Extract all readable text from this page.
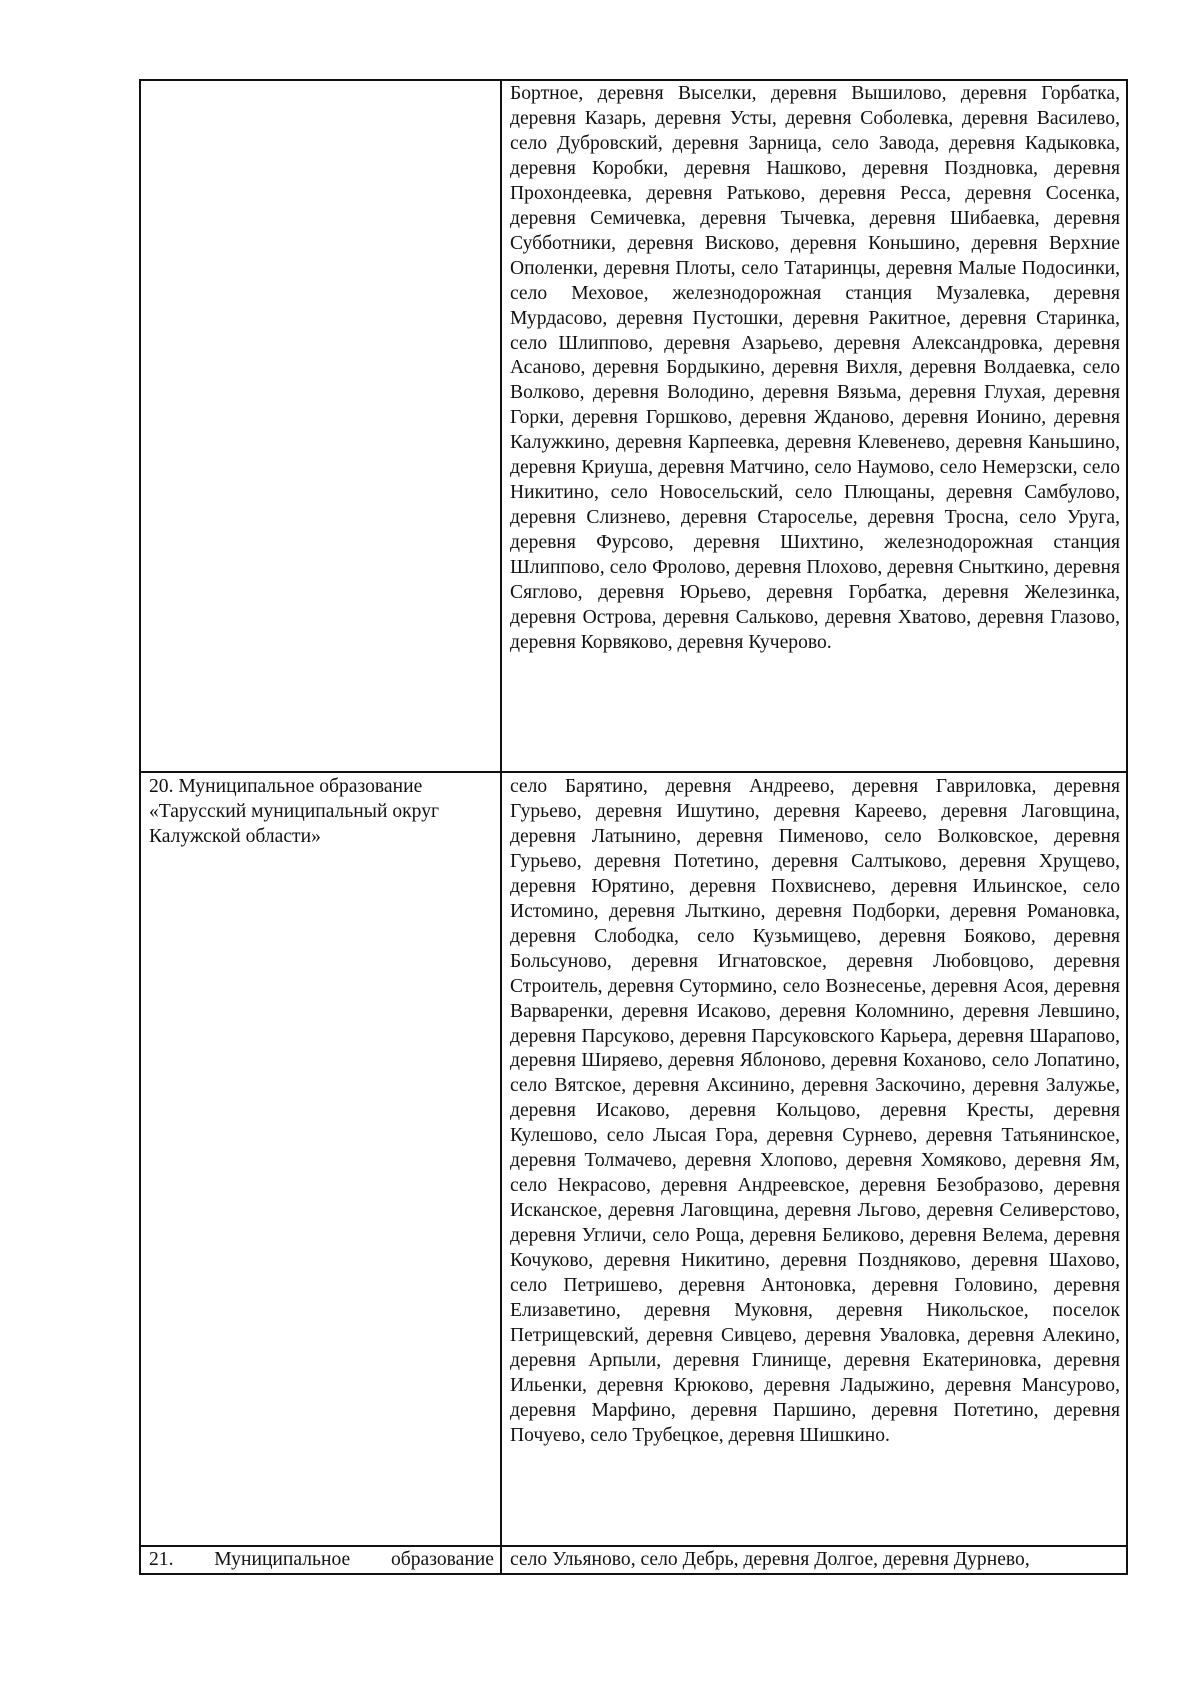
	Бортное, деревня Выселки, деревня Вышилово, деревня Горбатка, деревня Казарь, деревня Усты, деревня Соболевка, деревня Василево, село Дубровский, деревня Зарница, село Завода, деревня Кадыковка, деревня Коробки, деревня Нашково, деревня Поздновка, деревня Прохондеевка, деревня Ратьково, деревня Ресса, деревня Сосенка, деревня Семичевка, деревня Тычевка, деревня Шибаевка, деревня Субботники, деревня Висково, деревня Коньшино, деревня Верхние Ополенки, деревня Плоты, село Татаринцы, деревня Малые Подосинки, село Меховое, железнодорожная станция Музалевка, деревня Мурдасово, деревня Пустошки, деревня Ракитное, деревня Старинка, село Шлиппово, деревня Азарьево, деревня Александровка, деревня Асаново, деревня Бордыкино, деревня Вихля, деревня Волдаевка, село Волково, деревня Володино, деревня Вязьма, деревня Глухая, деревня Горки, деревня Горшково, деревня Жданово, деревня Ионино, деревня Калужкино, деревня Карпеевка, деревня Клевенево, деревня Каньшино, деревня Криуша, деревня Матчино, село Наумово, село Немерзски, село Никитино, село Новосельский, село Плющаны, деревня Самбулово, деревня Слизнево, деревня Староселье, деревня Тросна, село Уруга, деревня Фурсово, деревня Шихтино, железнодорожная станция Шлиппово, село Фролово, деревня Плохово, деревня Сныткино, деревня Сяглово, деревня Юрьево, деревня Горбатка, деревня Железинка, деревня Острова, деревня Сальково, деревня Хватово, деревня Глазово, деревня Корвяково, деревня Кучерово.

20. Муниципальное образование «Тарусский муниципальный округ Калужской области»	село Барятино, деревня Андреево, деревня Гавриловка, деревня Гурьево, деревня Ишутино, деревня Кареево, деревня Лаговщина, деревня Латынино, деревня Пименово, село Волковское, деревня Гурьево, деревня Потетино, деревня Салтыково, деревня Хрущево, деревня Юрятино, деревня Похвиснево, деревня Ильинское, село Истомино, деревня Лыткино, деревня Подборки, деревня Романовка, деревня Слободка, село Кузьмищево, деревня Бояково, деревня Больсуново, деревня Игнатовское, деревня Любовцово, деревня Строитель, деревня Сутормино, село Вознесенье, деревня Асоя, деревня Варваренки, деревня Исаково, деревня Коломнино, деревня Левшино, деревня Парсуково, деревня Парсуковского Карьера, деревня Шарапово, деревня Ширяево, деревня Яблоново, деревня Коханово, село Лопатино, село Вятское, деревня Аксинино, деревня Заскочино, деревня Залужье, деревня Исаково, деревня Кольцово, деревня Кресты, деревня Кулешово, село Лысая Гора, деревня Сурнево, деревня Татьянинское, деревня Толмачево, деревня Хлопово, деревня Хомяково, деревня Ям, село Некрасово, деревня Андреевское, деревня Безобразово, деревня Исканское, деревня Лаговщина, деревня Льгово, деревня Селиверстово, деревня Угличи, село Роща, деревня Беликово, деревня Велема, деревня Кочуково, деревня Никитино, деревня Поздняково, деревня Шахово, село Петришево, деревня Антоновка, деревня Головино, деревня Елизаветино, деревня Муковня, деревня Никольское, поселок Петрищевский, деревня Сивцево, деревня Уваловка, деревня Алекино, деревня Арпыли, деревня Глинище, деревня Екатериновка, деревня Ильенки, деревня Крюково, деревня Ладыжино, деревня Мансурово, деревня Марфино, деревня Паршино, деревня Потетино, деревня Почуево, село Трубецкое, деревня Шишкино.

21. Муниципальное образование	село Ульяново, село Дебрь, деревня Долгое, деревня Дурнево,
